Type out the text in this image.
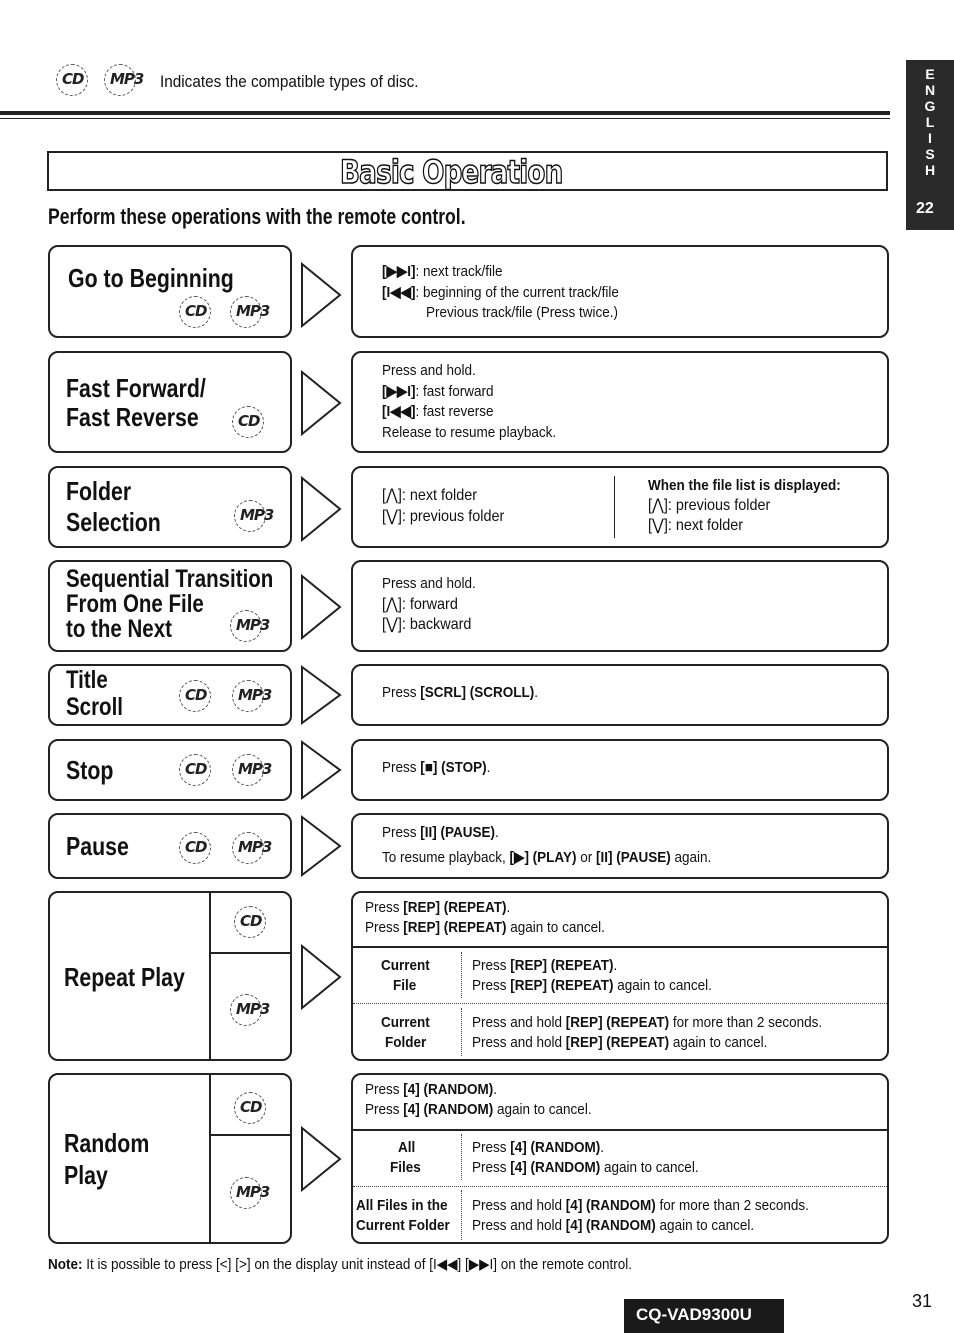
CD MP3 Indicates the compatible types of disc.
Basic Operation
Perform these operations with the remote control.
E
N
G
L
I
S
H
22
Go to Beginning
CD MP3
[▶▶I]: next track/file
[I◀◀]: beginning of the current track/file
Previous track/file (Press twice.)
Fast Forward/
Fast Reverse	CD
Press and hold.
[▶▶I]: fast forward
[I◀◀]: fast reverse
Release to resume playback.
Folder
Selection	MP3
[⋀]: next folder
[⋁]: previous folder
When the file list is displayed:
[⋀]: previous folder
[⋁]: next folder
Sequential Transition
From One File
to the Next	MP3
Press and hold.
[⋀]: forward
[⋁]: backward
Title
Scroll	CD MP3	Press [SCRL] (SCROLL).
Stop	CD MP3	Press [■] (STOP).
Pause	CD MP3
Press [II] (PAUSE).
To resume playback, [▶] (PLAY) or [II] (PAUSE) again.
Repeat Play
CD
MP3
Press [REP] (REPEAT).
Press [REP] (REPEAT) again to cancel.
Current
File
Press [REP] (REPEAT).
Press [REP] (REPEAT) again to cancel.
Current
Folder
Press and hold [REP] (REPEAT) for more than 2 seconds.
Press and hold [REP] (REPEAT) again to cancel.
Random
Play
CD
MP3
Press [4] (RANDOM).
Press [4] (RANDOM) again to cancel.
All
Files
Press [4] (RANDOM).
Press [4] (RANDOM) again to cancel.
All Files in the
Current Folder
Press and hold [4] (RANDOM) for more than 2 seconds.
Press and hold [4] (RANDOM) again to cancel.
Note: It is possible to press [<] [>] on the display unit instead of [I◀◀] [▶▶I] on the remote control.
CQ-VAD9300U
31
